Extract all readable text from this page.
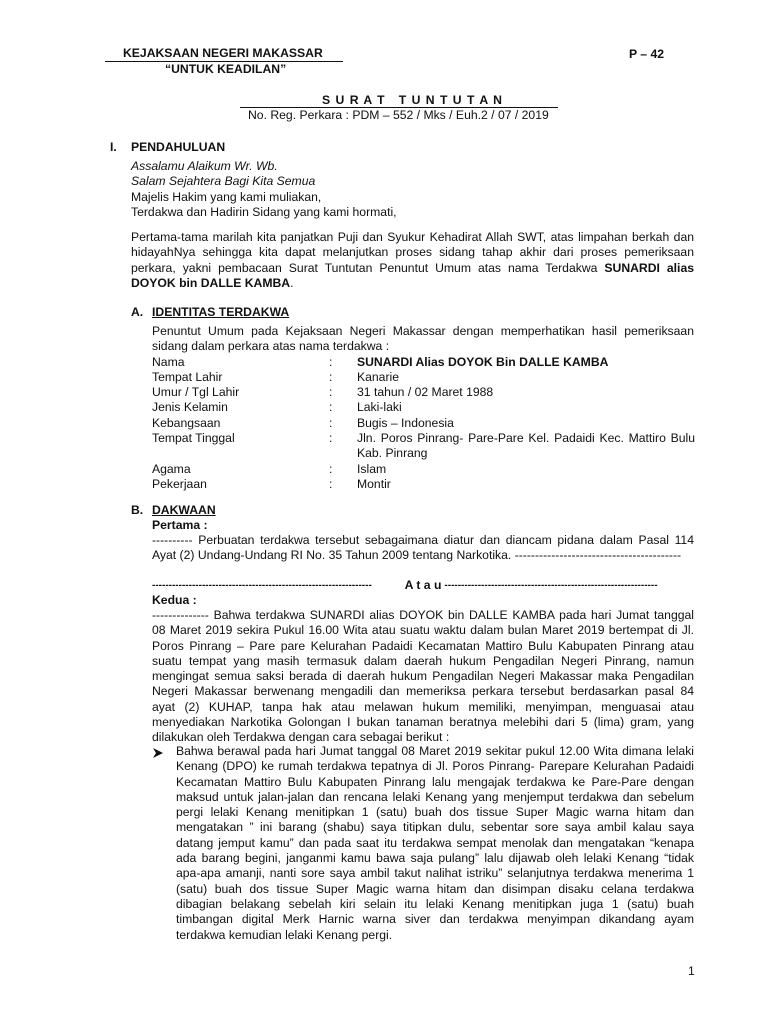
KEJAKSAAN NEGERI MAKASSAR
“UNTUK KEADILAN”
P – 42
S U R A T   T U N T U T A N
No. Reg. Perkara : PDM – 552 / Mks / Euh.2 / 07 / 2019
I. PENDAHULUAN

Assalamu Alaikum Wr. Wb.

Salam Sejahtera Bagi Kita Semua

Majelis Hakim yang kami muliakan,

Terdakwa dan Hadirin Sidang yang kami hormati,

Pertama-tama marilah kita panjatkan Puji dan Syukur Kehadirat Allah SWT, atas limpahan berkah dan

hidayahNya sehingga kita dapat melanjutkan proses sidang tahap akhir dari proses pemeriksaan

perkara, yakni pembacaan Surat Tuntutan Penuntut Umum atas nama Terdakwa SUNARDI alias

DOYOK bin DALLE KAMBA.

A. IDENTITAS TERDAKWA

Penuntut Umum pada Kejaksaan Negeri Makassar dengan memperhatikan hasil pemeriksaan

sidang dalam perkara atas nama terdakwa :

Nama	: SUNARDI Alias DOYOK Bin DALLE KAMBA
Tempat Lahir	: Kanarie
Umur / Tgl Lahir	: 31 tahun / 02 Maret 1988
Jenis Kelamin	: Laki-laki
Kebangsaan	: Bugis – Indonesia
Tempat Tinggal	: Jln. Poros Pinrang- Pare-Pare Kel. Padaidi Kec. Mattiro Bulu
Kab. Pinrang
Agama	: Islam
Pekerjaan	: Montir
B. DAKWAAN
Pertama :

---------- Perbuatan terdakwa tersebut sebagaimana diatur dan diancam pidana dalam Pasal 114

Ayat (2) Undang-Undang RI No. 35 Tahun 2009 tentang Narkotika. -----------------------------------------

------------------------------------------------------------------	A t a u ----------------------------------------------------------------
Kedua :

-------------- Bahwa terdakwa SUNARDI alias DOYOK bin DALLE KAMBA pada hari Jumat tanggal

08 Maret 2019 sekira Pukul 16.00 Wita atau suatu waktu dalam bulan Maret 2019 bertempat di Jl.

Poros Pinrang – Pare pare Kelurahan Padaidi Kecamatan Mattiro Bulu Kabupaten Pinrang atau

suatu tempat yang masih termasuk dalam daerah hukum Pengadilan Negeri Pinrang, namun

mengingat semua saksi berada di daerah hukum Pengadilan Negeri Makassar maka Pengadilan

Negeri Makassar berwenang mengadili dan memeriksa perkara tersebut berdasarkan pasal 84

ayat (2) KUHAP, tanpa hak atau melawan hukum memiliki, menyimpan, menguasai atau

menyediakan Narkotika Golongan I bukan tanaman beratnya melebihi dari 5 (lima) gram, yang

dilakukan oleh Terdakwa dengan cara sebagai berikut :

Bahwa berawal pada hari Jumat tanggal 08 Maret 2019 sekitar pukul 12.00 Wita dimana lelaki

Kenang (DPO) ke rumah terdakwa tepatnya di Jl. Poros Pinrang- Parepare Kelurahan Padaidi

Kecamatan Mattiro Bulu Kabupaten Pinrang lalu mengajak terdakwa ke Pare-Pare dengan

maksud untuk jalan-jalan dan rencana lelaki Kenang yang menjemput terdakwa dan sebelum

pergi lelaki Kenang menitipkan 1 (satu) buah dos tissue Super Magic warna hitam dan

mengatakan ” ini barang (shabu) saya titipkan dulu, sebentar sore saya ambil kalau saya

datang jemput kamu” dan pada saat itu terdakwa sempat menolak dan mengatakan “kenapa

ada barang begini, janganmi kamu bawa saja pulang” lalu dijawab oleh lelaki Kenang “tidak

apa-apa amanji, nanti sore saya ambil takut nalihat istriku” selanjutnya terdakwa menerima 1

(satu) buah dos tissue Super Magic warna hitam dan disimpan disaku celana terdakwa

dibagian belakang sebelah kiri selain itu lelaki Kenang menitipkan juga 1 (satu) buah

timbangan digital Merk Harnic warna siver dan terdakwa menyimpan dikandang ayam

terdakwa kemudian lelaki Kenang pergi.

1
